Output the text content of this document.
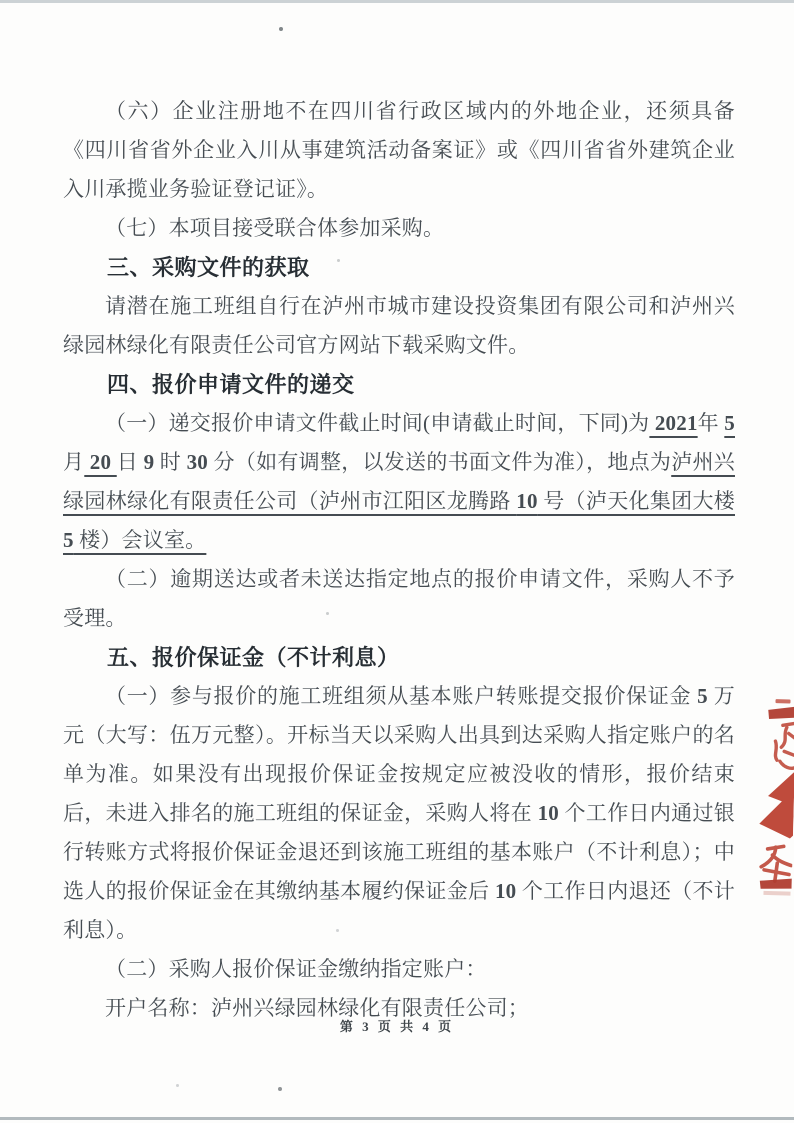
（六）企业注册地不在四川省行政区域内的外地企业，还须具备《四川省省外企业入川从事建筑活动备案证》或《四川省省外建筑企业入川承揽业务验证登记证》。

（七）本项目接受联合体参加采购。

三、采购文件的获取

请潜在施工班组自行在泸州市城市建设投资集团有限公司和泸州兴绿园林绿化有限责任公司官方网站下载采购文件。

四、报价申请文件的递交

（一）递交报价申请文件截止时间(申请截止时间，下同)为 2021年 5 月 20 日 9 时 30 分（如有调整，以发送的书面文件为准），地点为泸州兴绿园林绿化有限责任公司（泸州市江阳区龙腾路 10 号（泸天化集团大楼 5 楼）会议室。

（二）逾期送达或者未送达指定地点的报价申请文件，采购人不予受理。

五、报价保证金（不计利息）

（一）参与报价的施工班组须从基本账户转账提交报价保证金 5 万元（大写：伍万元整）。开标当天以采购人出具到达采购人指定账户的名单为准。如果没有出现报价保证金按规定应被没收的情形，报价结束后，未进入排名的施工班组的保证金，采购人将在 10 个工作日内通过银行转账方式将报价保证金退还到该施工班组的基本账户（不计利息）；中选人的报价保证金在其缴纳基本履约保证金后 10 个工作日内退还（不计利息）。

（二）采购人报价保证金缴纳指定账户：

开户名称：泸州兴绿园林绿化有限责任公司；

第 3 页 共 4 页
